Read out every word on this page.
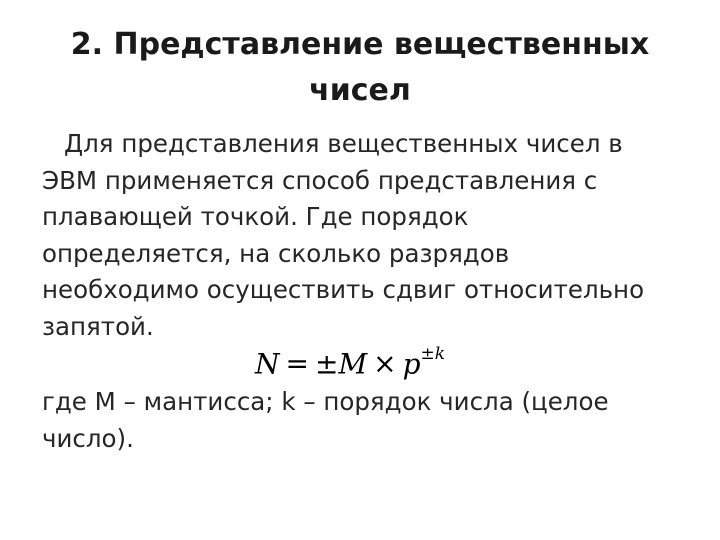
2. Представление вещественных
чисел
Для представления вещественных чисел в
ЭВМ применяется способ представления с
плавающей точкой. Где порядок
определяется, на сколько разрядов
необходимо осуществить сдвиг относительно
запятой.
$N = \pm M \times p^{\pm k}$
где М – мантисса; k – порядок числа (целое
число).
